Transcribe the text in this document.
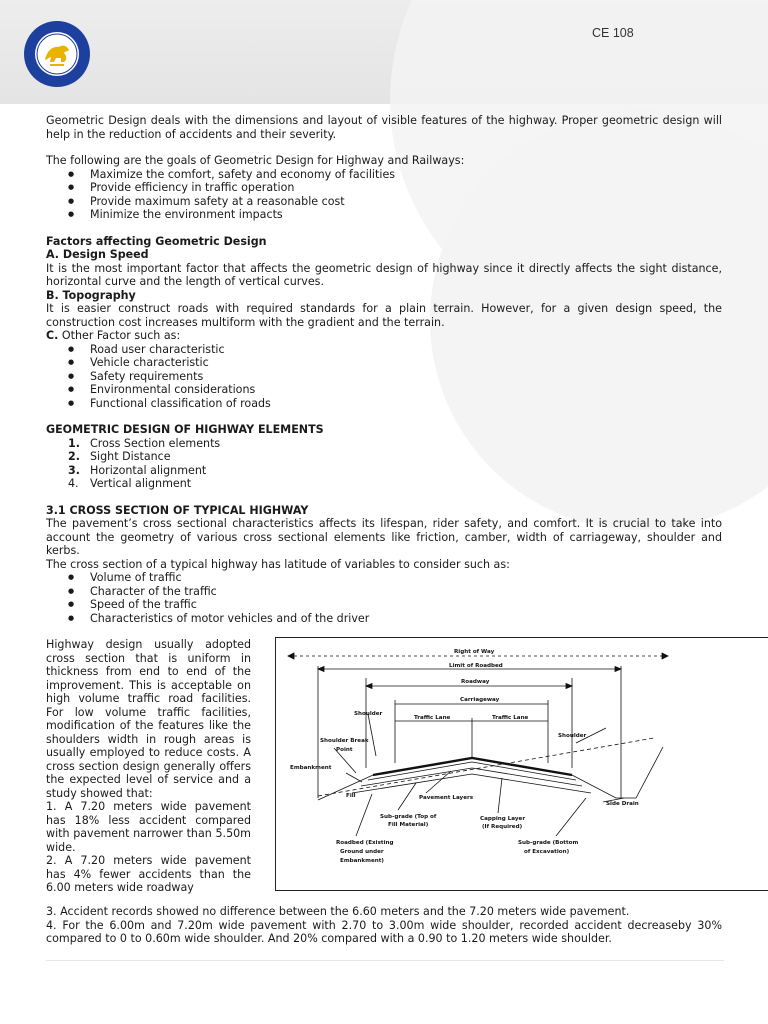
CE 108

Geometric Design deals with the dimensions and layout of visible features of the highway. Proper geometric design will help in the reduction of accidents and their severity.

The following are the goals of Geometric Design for Highway and Railways:

● Maximize the comfort, safety and economy of facilities
● Provide efficiency in traffic operation
● Provide maximum safety at a reasonable cost
● Minimize the environment impacts

Factors affecting Geometric Design

A. Design Speed

It is the most important factor that affects the geometric design of highway since it directly affects the sight distance, horizontal curve and the length of vertical curves.

B. Topography

It is easier construct roads with required standards for a plain terrain. However, for a given design speed, the construction cost increases multiform with the gradient and the terrain.

C. Other Factor such as:

● Road user characteristic
● Vehicle characteristic
● Safety requirements
● Environmental considerations
● Functional classification of roads

GEOMETRIC DESIGN OF HIGHWAY ELEMENTS

1. Cross Section elements
2. Sight Distance
3. Horizontal alignment
4. Vertical alignment

3.1 CROSS SECTION OF TYPICAL HIGHWAY

The pavement’s cross sectional characteristics affects its lifespan, rider safety, and comfort. It is crucial to take into account the geometry of various cross sectional elements like friction, camber, width of carriageway, shoulder and kerbs.

The cross section of a typical highway has latitude of variables to consider such as:

● Volume of traffic
● Character of the traffic
● Speed of the traffic
● Characteristics of motor vehicles and of the driver

Highway design usually adopted cross section that is uniform in thickness from end to end of the improvement. This is acceptable on high volume traffic road facilities. For low volume traffic facilities, modification of the features like the shoulders width in rough areas is usually employed to reduce costs. A cross section design generally offers the expected level of service and a study showed that:

1. A 7.20 meters wide pavement has 18% less accident compared with pavement narrower than 5.50m wide.

2. A 7.20 meters wide pavement has 4% fewer accidents than the 6.00 meters wide roadway

Right of Way
Limit of Roadbed
Roadway
Carriageway
Shoulder
Traffic Lane	Traffic Lane
Shoulder
Shoulder Break
Point
Embankment
Fill	Pavement Layers
Side Drain
Sub-grade (Top of
Fill Material)
Capping Layer
(If Required)
Roadbed (Existing
Ground under
Embankment)
Sub-grade (Bottom
of Excavation)

3. Accident records showed no difference between the 6.60 meters and the 7.20 meters wide pavement.

4. For the 6.00m and 7.20m wide pavement with 2.70 to 3.00m wide shoulder, recorded accident decreaseby 30% compared to 0 to 0.60m wide shoulder. And 20% compared with a 0.90 to 1.20 meters wide shoulder.
